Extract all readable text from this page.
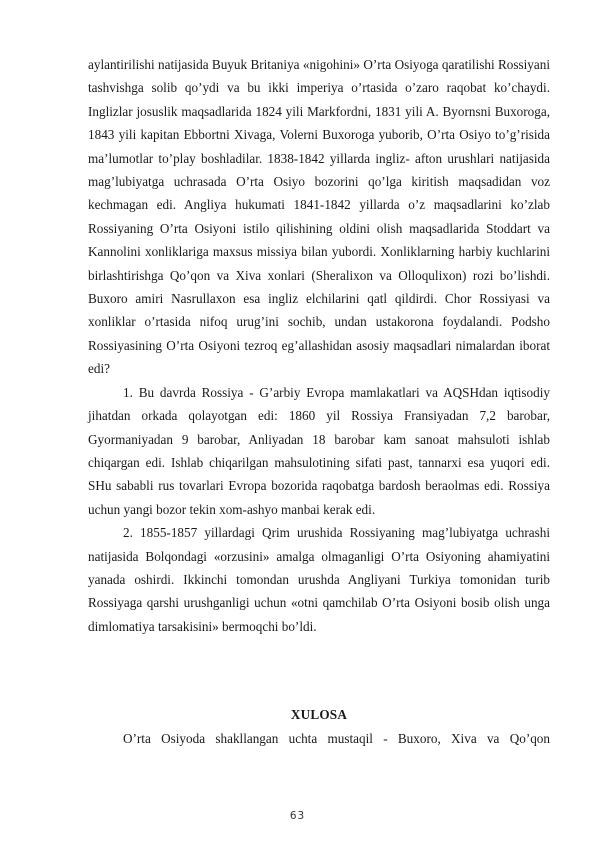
aylantirilishi natijasida Buyuk Britaniya «nigohini» O’rta Osiyoga qaratilishi Rossiyani tashvishga solib qo’ydi va bu ikki imperiya o’rtasida o’zaro raqobat ko’chaydi. Inglizlar josuslik maqsadlarida 1824 yili Markfordni, 1831 yili A. Byornsni Buxoroga, 1843 yili kapitan Ebbortni Xivaga, Volerni Buxoroga yuborib, O’rta Osiyo to’g’risida ma’lumotlar to’play boshladilar. 1838-1842 yillarda ingliz- afton urushlari natijasida mag’lubiyatga uchrasada O’rta Osiyo bozorini qo’lga kiritish maqsadidan voz kechmagan edi. Angliya hukumati 1841-1842 yillarda o’z maqsadlarini ko’zlab Rossiyaning O’rta Osiyoni istilo qilishining oldini olish maqsadlarida Stoddart va Kannolini xonliklariga maxsus missiya bilan yubordi. Xonliklarning harbiy kuchlarini birlashtirishga Qo’qon va Xiva xonlari (Sheralixon va Olloqulixon) rozi bo’lishdi. Buxoro amiri Nasrullaxon esa ingliz elchilarini qatl qildirdi. Chor Rossiyasi va xonliklar o’rtasida nifoq urug’ini sochib, undan ustakorona foydalandi. Podsho Rossiyasining O’rta Osiyoni tezroq eg’allashidan asosiy maqsadlari nimalardan iborat edi?

1. Bu davrda Rossiya - G’arbiy Evropa mamlakatlari va AQSHdan iqtisodiy jihatdan orkada qolayotgan edi: 1860 yil Rossiya Fransiyadan 7,2 barobar, Gyormaniyadan 9 barobar, Anliyadan 18 barobar kam sanoat mahsuloti ishlab chiqargan edi. Ishlab chiqarilgan mahsulotining sifati past, tannarxi esa yuqori edi. SHu sababli rus tovarlari Evropa bozorida raqobatga bardosh beraolmas edi. Rossiya uchun yangi bozor tekin xom-ashyo manbai kerak edi.

2. 1855-1857 yillardagi Qrim urushida Rossiyaning mag’lubiyatga uchrashi natijasida Bolqondagi «orzusini» amalga olmaganligi O’rta Osiyoning ahamiyatini yanada oshirdi. Ikkinchi tomondan urushda Angliyani Turkiya tomonidan turib Rossiyaga qarshi urushganligi uchun «otni qamchilab O’rta Osiyoni bosib olish unga dimlomatiya tarsakisini» bermoqchi bo’ldi.

XULOSA

O’rta Osiyoda shakllangan uchta mustaqil - Buxoro, Xiva va Qo’qon

63
